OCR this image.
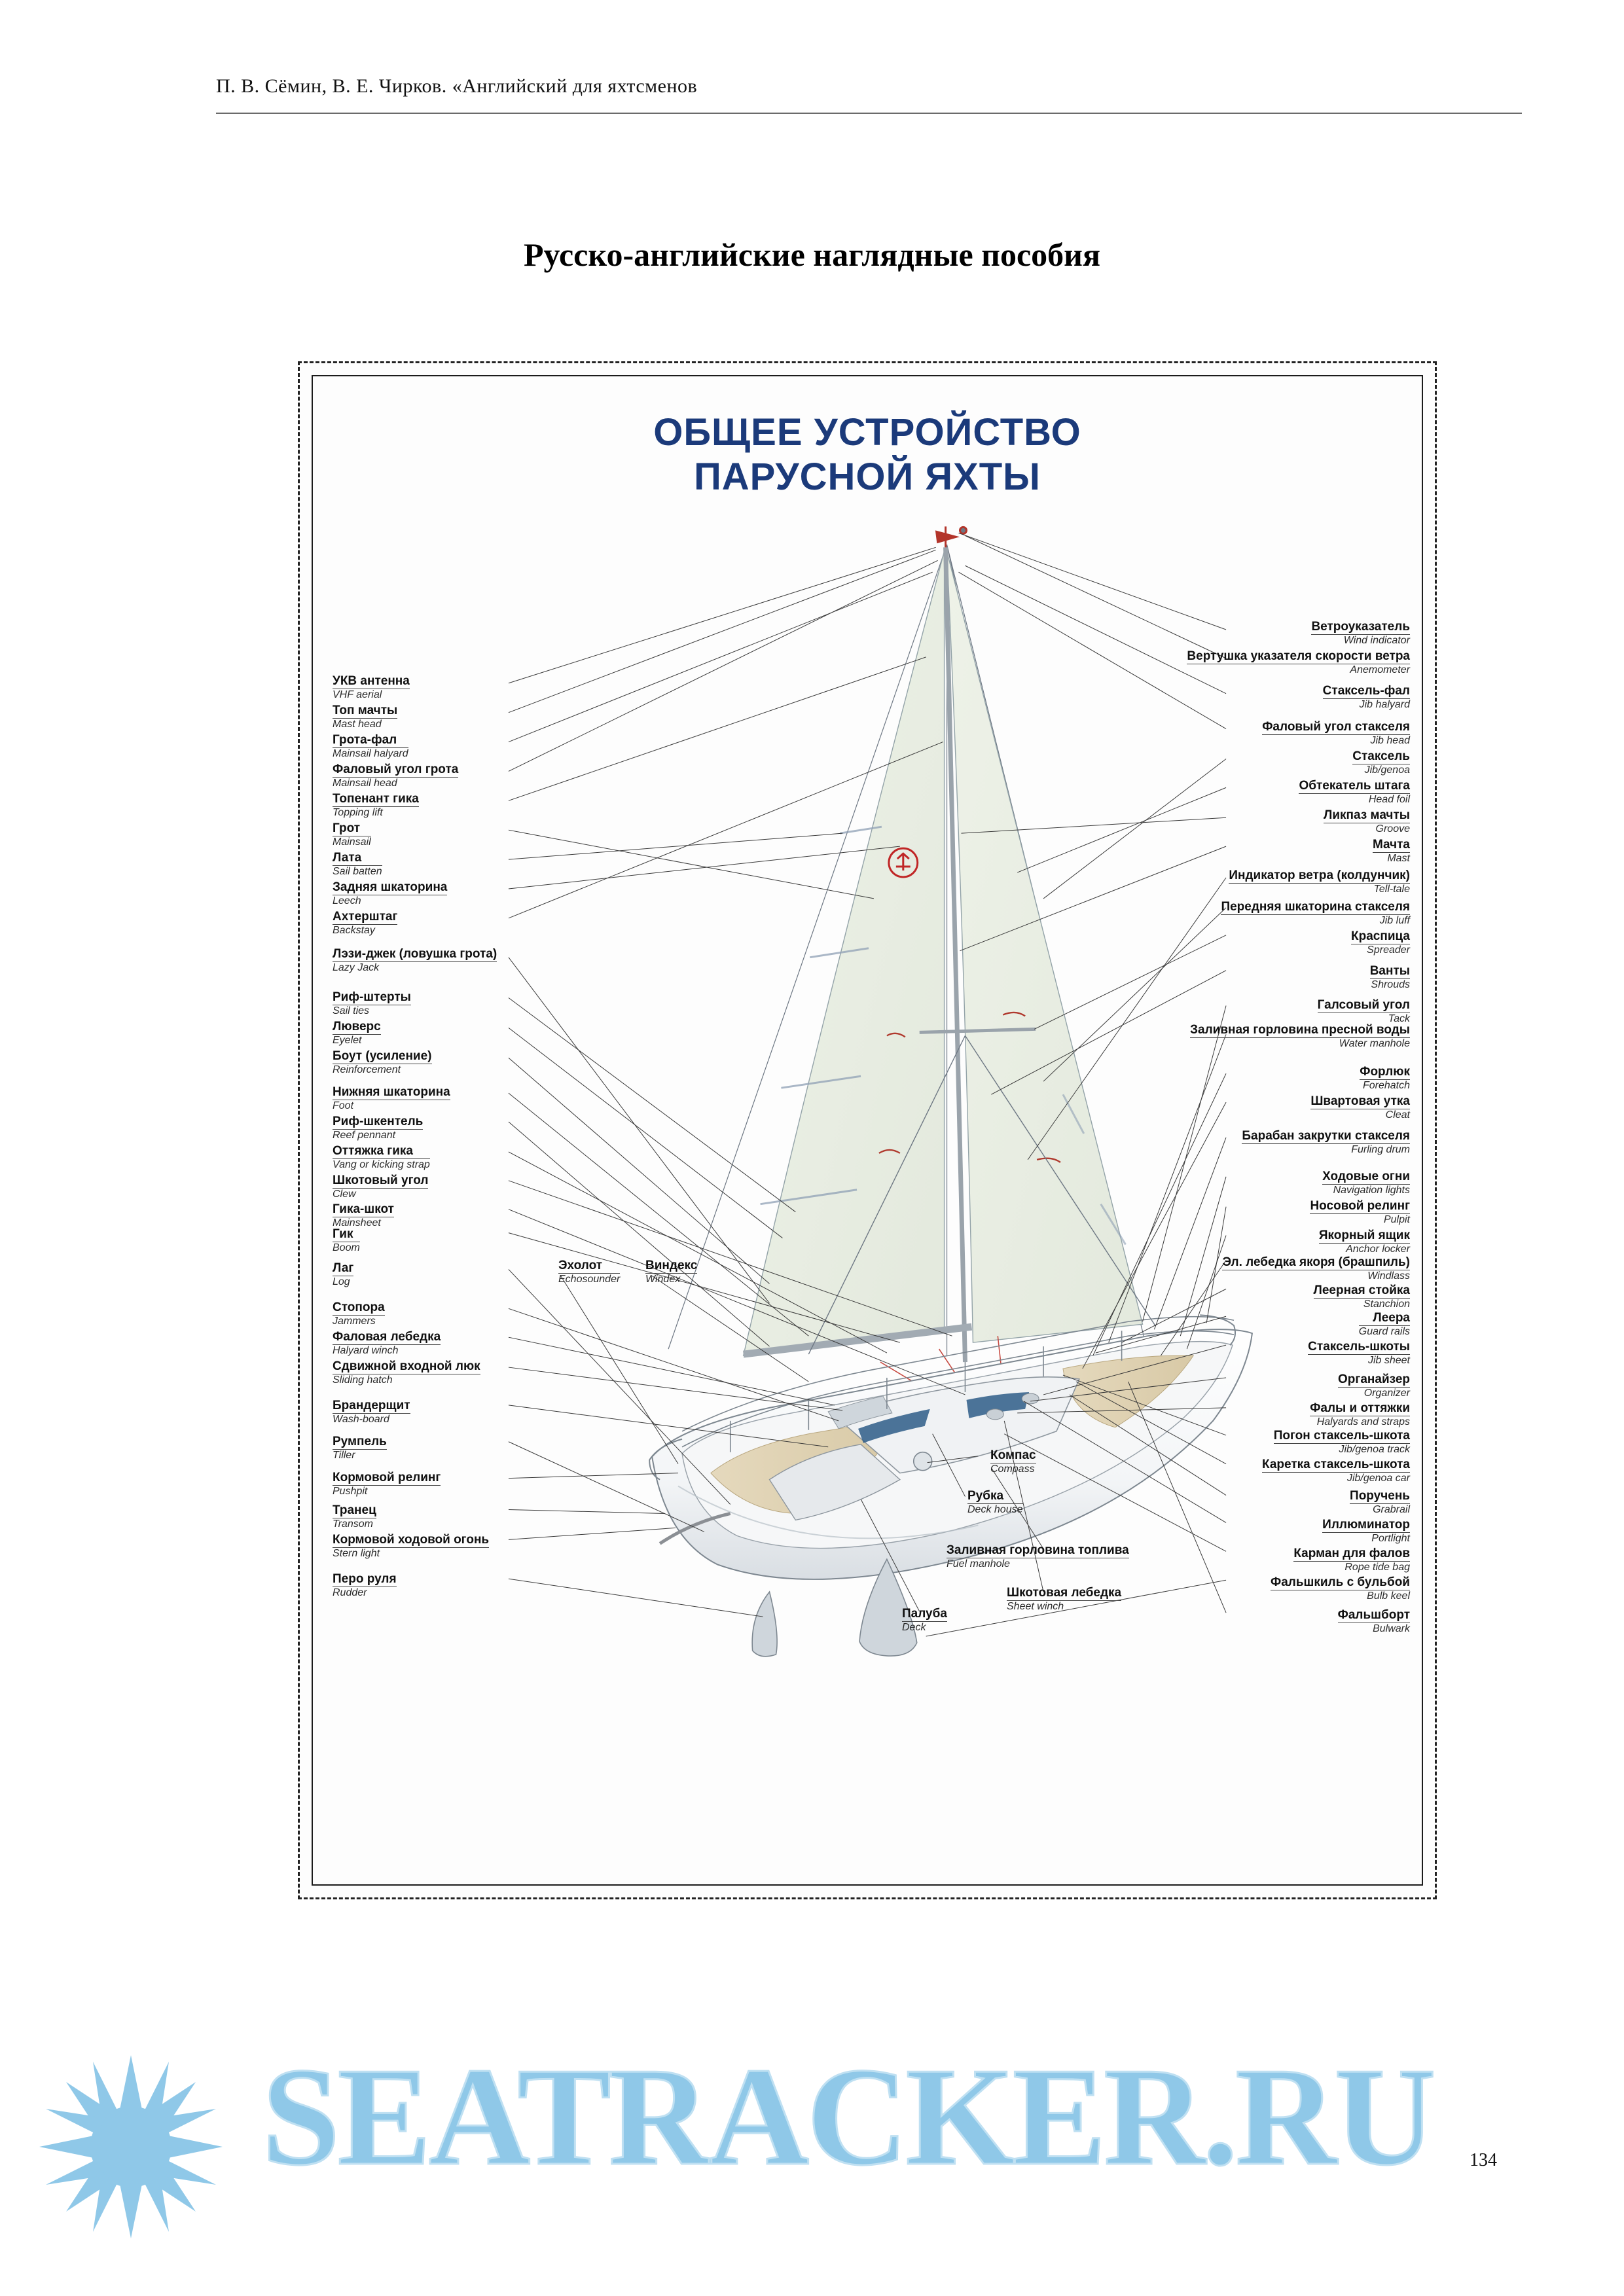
П. В. Сёмин, В. Е. Чирков. «Английский для яхтсменов
Русско-английские наглядные пособия
ОБЩЕЕ УСТРОЙСТВО
ПАРУСНОЙ ЯХТЫ
УКВ антенна
VHF aerial
Топ мачты
Mast head
Грота-фал
Mainsail halyard
Фаловый угол грота
Mainsail head
Топенант гика
Topping lift
Грот
Mainsail
Лата
Sail batten
Задняя шкаторина
Leech
Ахтерштаг
Backstay
Лэзи-джек (ловушка грота)
Lazy Jack
Риф-штерты
Sail ties
Люверс
Eyelet
Боут (усиление)
Reinforcement
Нижняя шкаторина
Foot
Риф-шкентель
Reef pennant
Оттяжка гика
Vang or kicking strap
Шкотовый угол
Clew
Гика-шкот
Mainsheet
Гик
Boom
Эхолот
Echosounder
Виндекс
Windex
Лаг
Log
Стопора
Jammers
Фаловая лебедка
Halyard winch
Сдвижной входной люк
Sliding hatch
Брандерщит
Wash-board
Румпель
Tiller
Кормовой релинг
Pushpit
Транец
Transom
Кормовой ходовой огонь
Stern light
Перо руля
Rudder
Ветроуказатель
Wind indicator
Вертушка указателя скорости ветра
Anemometer
Стаксель-фал
Jib halyard
Фаловый угол стакселя
Jib head
Стаксель
Jib/genoa
Обтекатель штага
Head foil
Ликпаз мачты
Groove
Мачта
Mast
Индикатор ветра (колдунчик)
Tell-tale
Передняя шкаторина стакселя
Jib luff
Краспица
Spreader
Ванты
Shrouds
Галсовый угол
Tack
Заливная горловина пресной воды
Water manhole
Форлюк
Forehatch
Швартовая утка
Cleat
Барабан закрутки стакселя
Furling drum
Ходовые огни
Navigation lights
Носовой релинг
Pulpit
Якорный ящик
Anchor locker
Эл. лебедка якоря (брашпиль)
Windlass
Леерная стойка
Stanchion
Леера
Guard rails
Стаксель-шкоты
Jib sheet
Органайзер
Organizer
Фалы и оттяжки
Halyards and straps
Погон стаксель-шкота
Jib/genoa track
Каретка стаксель-шкота
Jib/genoa car
Поручень
Grabrail
Иллюминатор
Portlight
Карман для фалов
Rope tide bag
Фальшкиль с бульбой
Bulb keel
Фальшборт
Bulwark
Компас
Compass
Рубка
Deck house
Заливная горловина топлива
Fuel manhole
Шкотовая лебедка
Sheet winch
Палуба
Deck
134
SEATRACKER.RU
